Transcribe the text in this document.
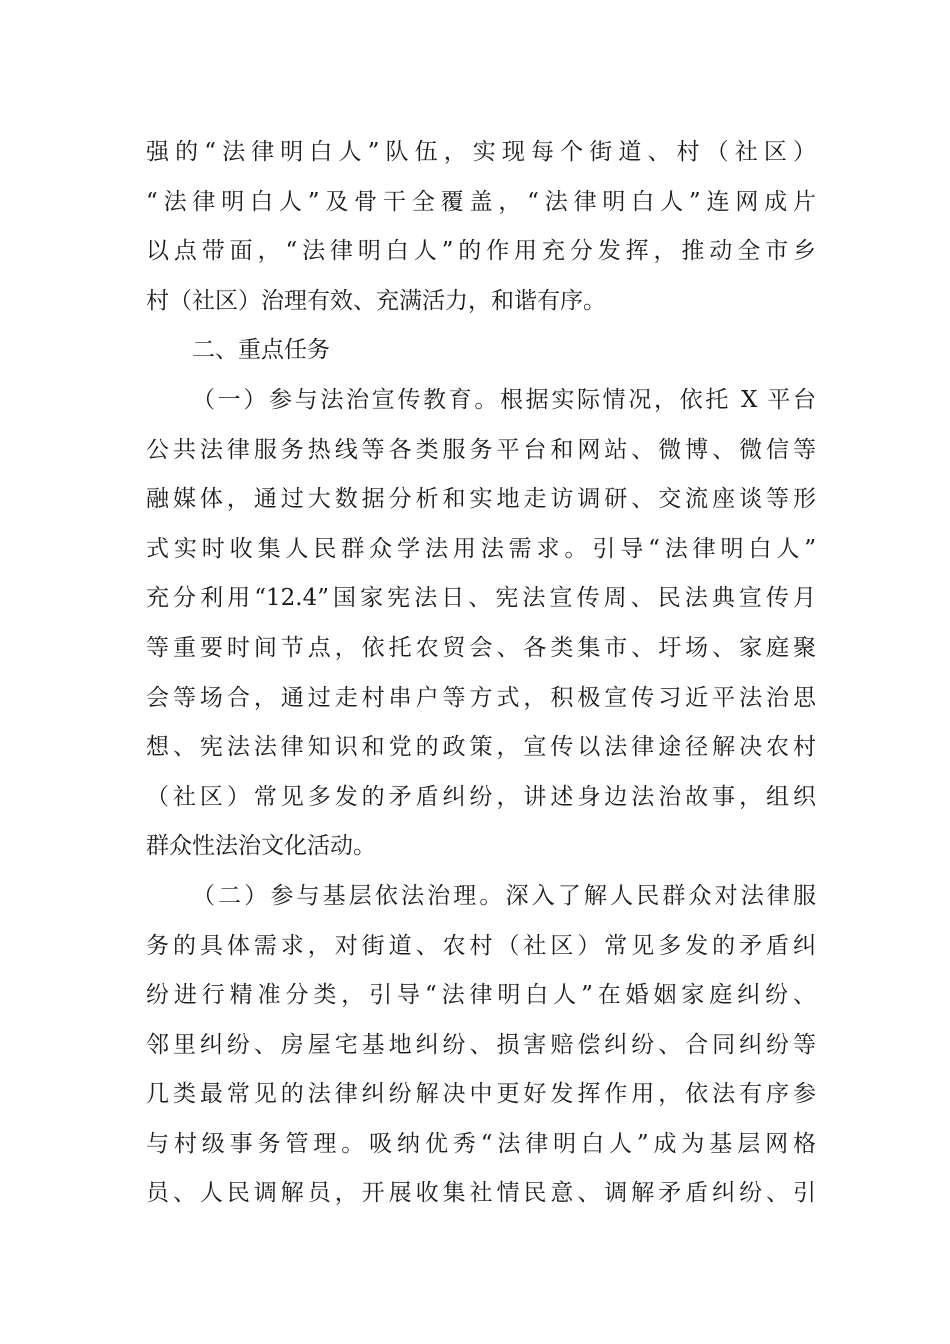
强的“法律明白人”队伍，实现每个街道、村（社区）
“法律明白人”及骨干全覆盖，“法律明白人”连网成片
以点带面，“法律明白人”的作用充分发挥，推动全市乡
村（社区）治理有效、充满活力，和谐有序。
二、重点任务
（一）参与法治宣传教育。根据实际情况，依托 X 平台
公共法律服务热线等各类服务平台和网站、微博、微信等
融媒体，通过大数据分析和实地走访调研、交流座谈等形
式实时收集人民群众学法用法需求。引导“法律明白人”
充分利用“12.4”国家宪法日、宪法宣传周、民法典宣传月
等重要时间节点，依托农贸会、各类集市、圩场、家庭聚
会等场合，通过走村串户等方式，积极宣传习近平法治思
想、宪法法律知识和党的政策，宣传以法律途径解决农村
（社区）常见多发的矛盾纠纷，讲述身边法治故事，组织
群众性法治文化活动。
（二）参与基层依法治理。深入了解人民群众对法律服
务的具体需求，对街道、农村（社区）常见多发的矛盾纠
纷进行精准分类，引导“法律明白人”在婚姻家庭纠纷、
邻里纠纷、房屋宅基地纠纷、损害赔偿纠纷、合同纠纷等
几类最常见的法律纠纷解决中更好发挥作用，依法有序参
与村级事务管理。吸纳优秀“法律明白人”成为基层网格
员、人民调解员，开展收集社情民意、调解矛盾纠纷、引
